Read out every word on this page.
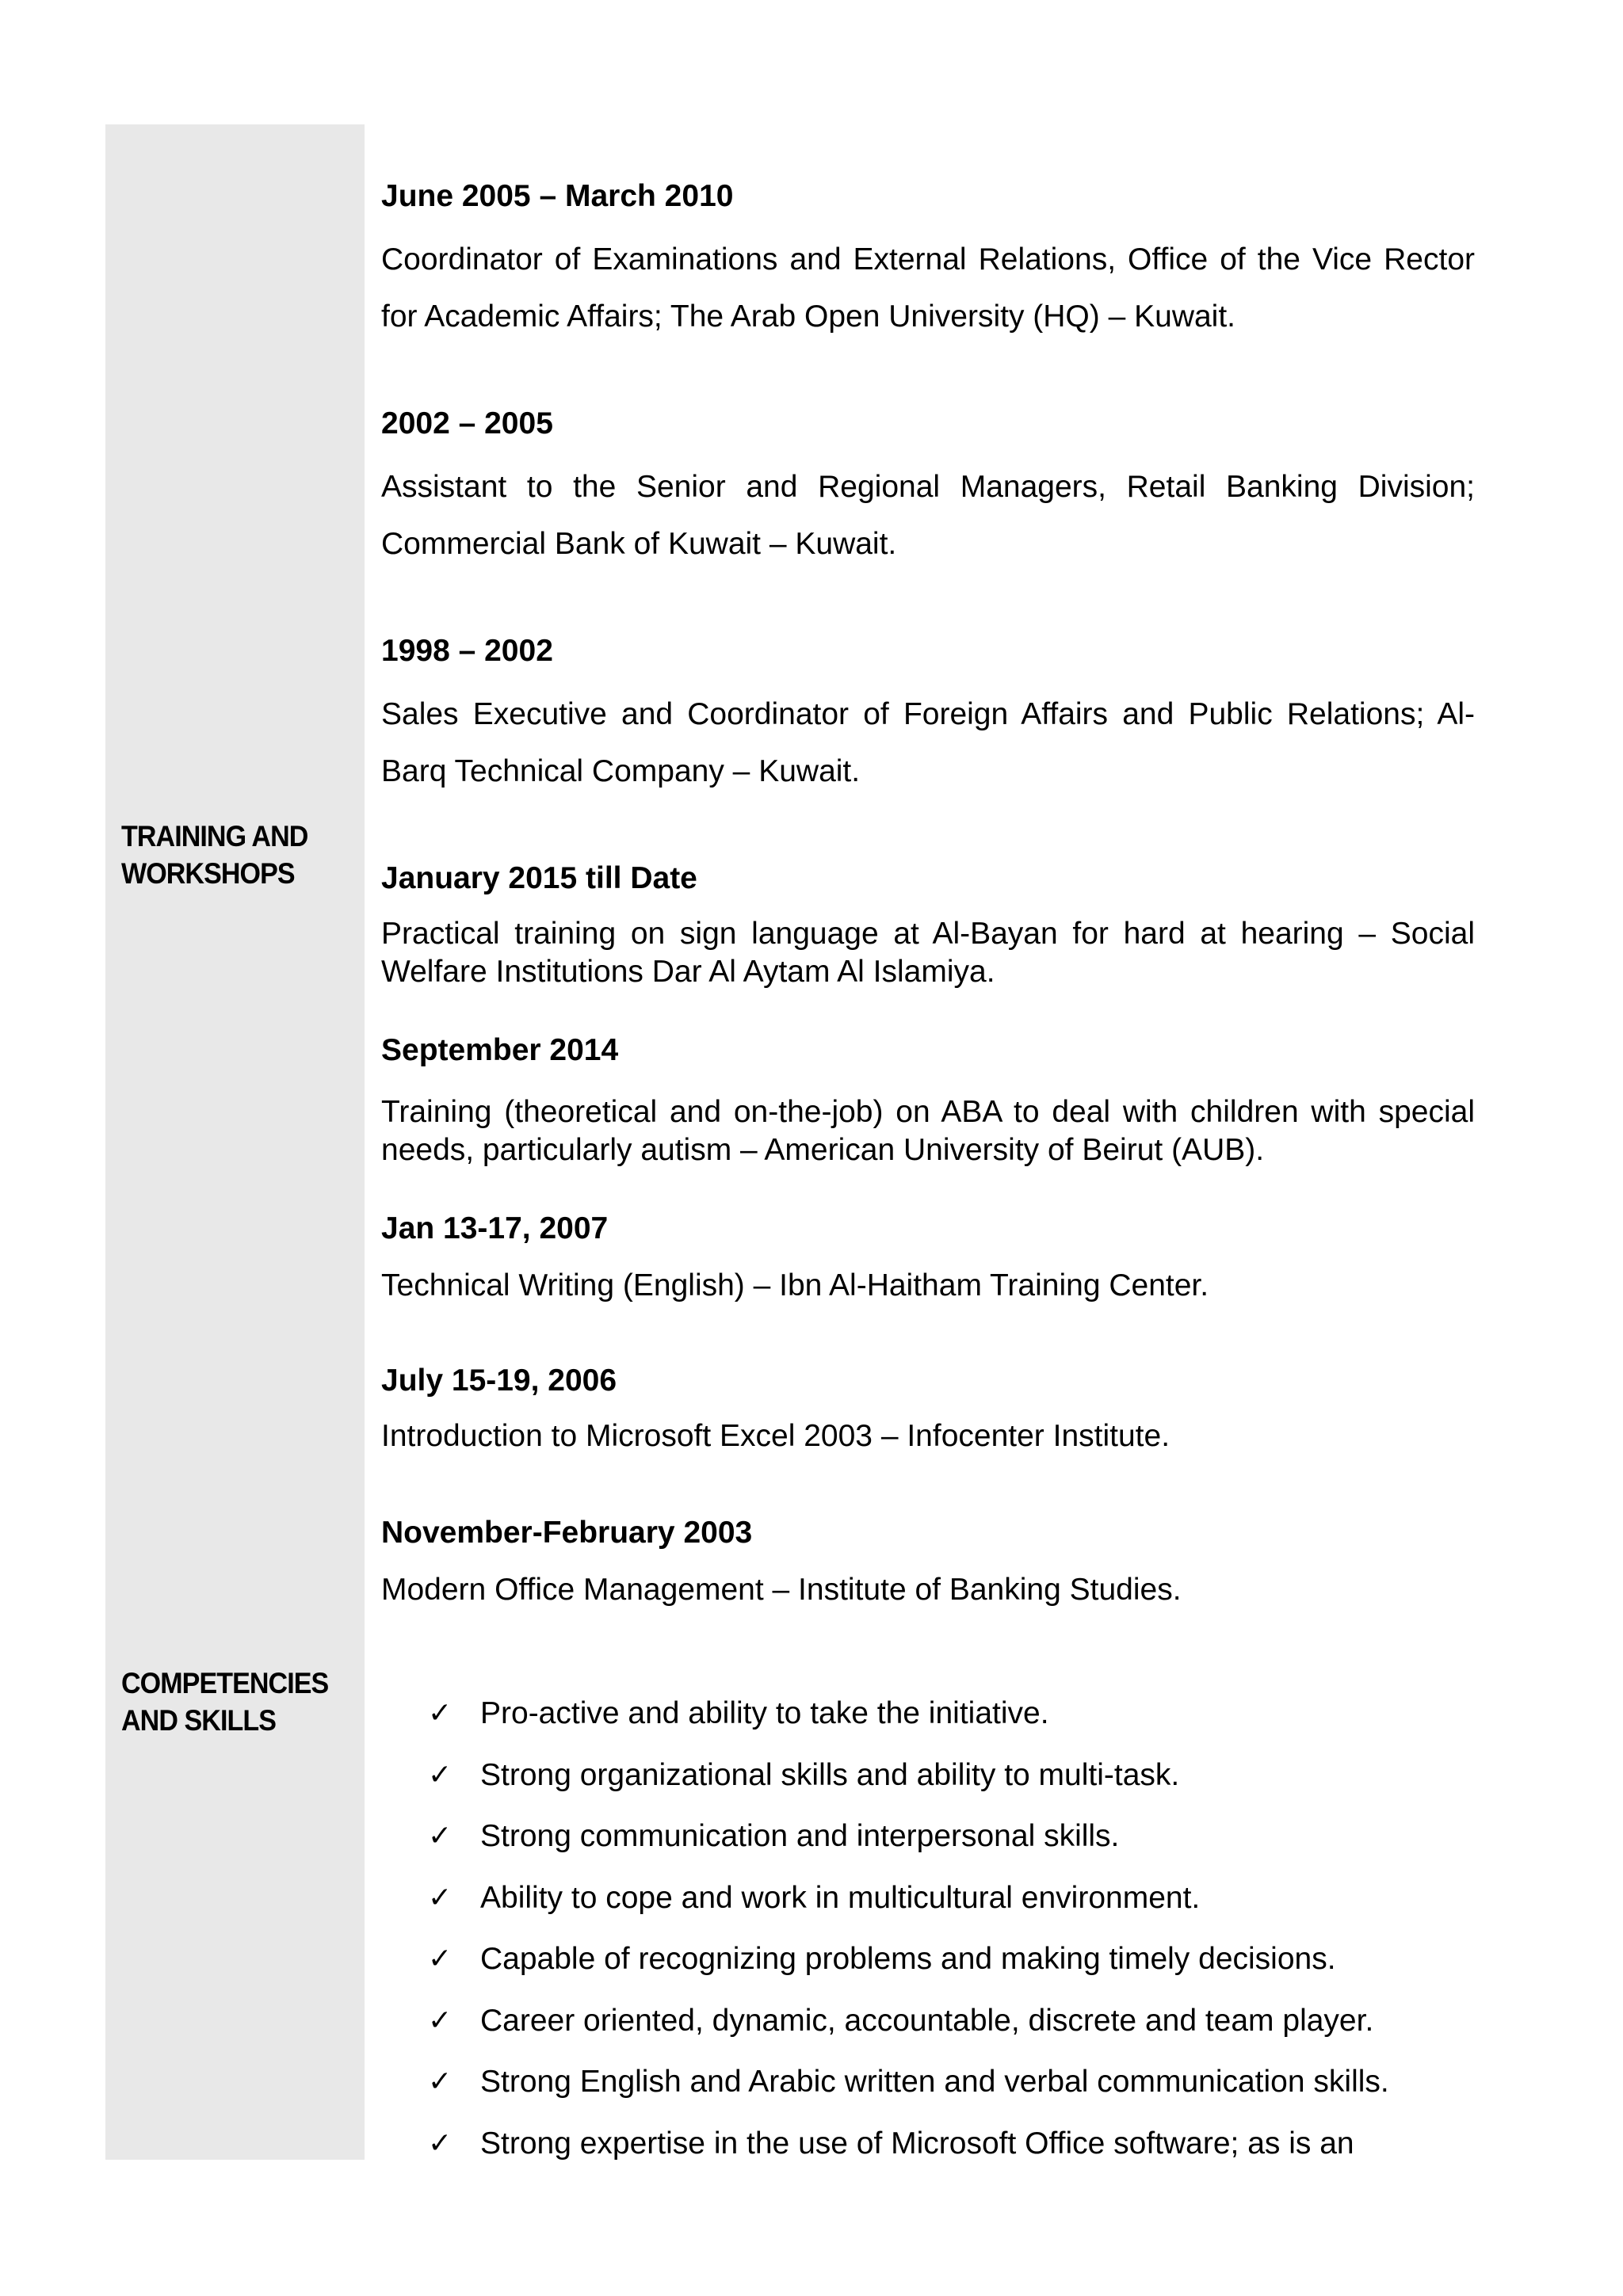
June 2005 – March 2010

Coordinator of Examinations and External Relations, Office of the Vice Rector for Academic Affairs; The Arab Open University (HQ) – Kuwait.

2002 – 2005

Assistant to the Senior and Regional Managers, Retail Banking Division; Commercial Bank of Kuwait – Kuwait.

1998 – 2002

Sales Executive and Coordinator of Foreign Affairs and Public Relations; Al-Barq Technical Company – Kuwait.

TRAINING AND WORKSHOPS	January 2015 till Date

Practical training on sign language at Al-Bayan for hard at hearing – Social Welfare Institutions Dar Al Aytam Al Islamiya.

September 2014

Training (theoretical and on-the-job) on ABA to deal with children with special needs, particularly autism – American University of Beirut (AUB).

Jan 13-17, 2007

Technical Writing (English) – Ibn Al-Haitham Training Center.

July 15-19, 2006

Introduction to Microsoft Excel 2003 – Infocenter Institute.

November-February 2003

Modern Office Management – Institute of Banking Studies.

COMPETENCIES AND SKILLS	✓ Pro-active and ability to take the initiative.
✓ Strong organizational skills and ability to multi-task.
✓ Strong communication and interpersonal skills.
✓ Ability to cope and work in multicultural environment.
✓ Capable of recognizing problems and making timely decisions.
✓ Career oriented, dynamic, accountable, discrete and team player.
✓ Strong English and Arabic written and verbal communication skills.
✓ Strong expertise in the use of Microsoft Office software; as is an
